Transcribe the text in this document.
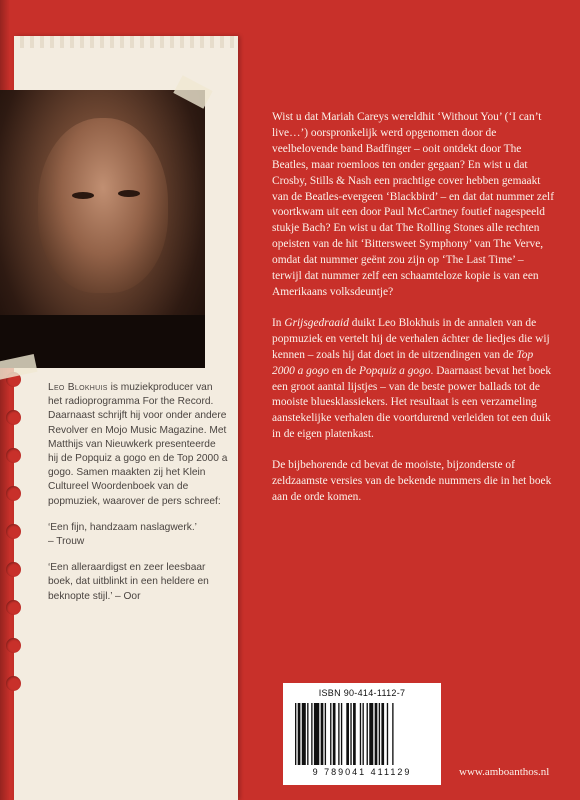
Leo Blokhuis is muziekproducer van het radioprogramma For the Record. Daarnaast schrijft hij voor onder andere Revolver en Mojo Music Magazine. Met Matthijs van Nieuwkerk presenteerde hij de Popquiz a gogo en de Top 2000 a gogo. Samen maakten zij het Klein Cultureel Woordenboek van de popmuziek, waarover de pers schreef:

‘Een fijn, handzaam naslagwerk.’
– Trouw

‘Een alleraardigst en zeer leesbaar boek, dat uitblinkt in een heldere en beknopte stijl.’ – Oor

Wist u dat Mariah Careys wereldhit ‘Without You’ (‘I can’t live…’) oorspronkelijk werd opgenomen door de veelbelovende band Badfinger – ooit ontdekt door The Beatles, maar roemloos ten onder gegaan? En wist u dat Crosby, Stills & Nash een prachtige cover hebben gemaakt van de Beatles-evergeen ‘Blackbird’ – en dat dat nummer zelf voortkwam uit een door Paul McCartney foutief nagespeeld stukje Bach? En wist u dat The Rolling Stones alle rechten opeisten van de hit ‘Bittersweet Symphony’ van The Verve, omdat dat nummer geënt zou zijn op ‘The Last Time’ – terwijl dat nummer zelf een schaamteloze kopie is van een Amerikaans volksdeuntje?

In Grijsgedraaid duikt Leo Blokhuis in de annalen van de popmuziek en vertelt hij de verhalen áchter de liedjes die wij kennen – zoals hij dat doet in de uitzendingen van de Top 2000 a gogo en de Popquiz a gogo. Daarnaast bevat het boek een groot aantal lijstjes – van de beste power ballads tot de mooiste bluesklassiekers. Het resultaat is een verzameling aanstekelijke verhalen die voortdurend verleiden tot een duik in de eigen platenkast.

De bijbehorende cd bevat de mooiste, bijzonderste of zeldzaamste versies van de bekende nummers die in het boek aan de orde komen.

ISBN 90-414-1112-7
9 789041 411129	www.amboanthos.nl
